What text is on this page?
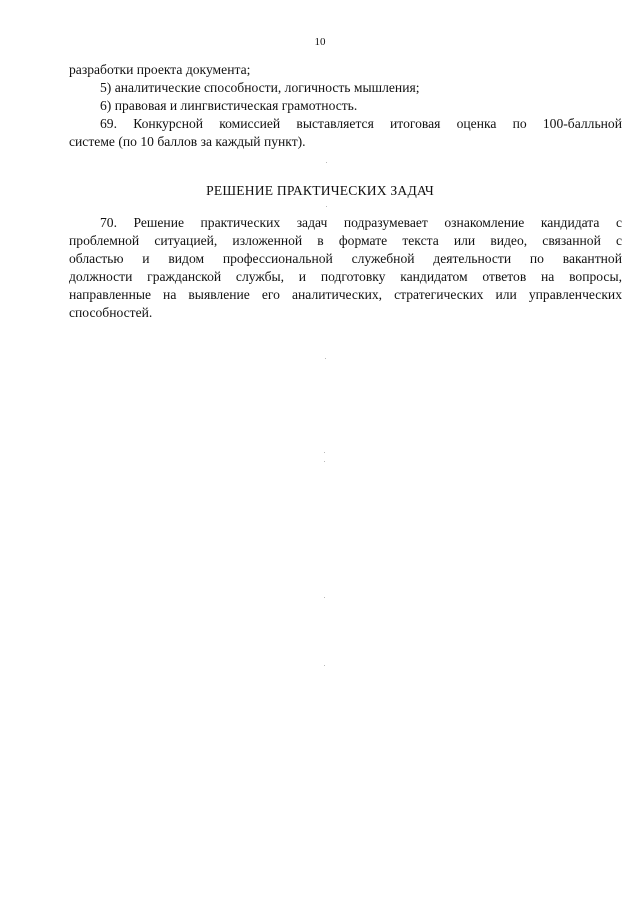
10
разработки проекта документа;
5) аналитические способности, логичность мышления;
6) правовая и лингвистическая грамотность.
69. Конкурсной комиссией выставляется итоговая оценка по 100-балльной
системе (по 10 баллов за каждый пункт).
РЕШЕНИЕ ПРАКТИЧЕСКИХ ЗАДАЧ
70. Решение практических задач подразумевает ознакомление кандидата с
проблемной ситуацией, изложенной в формате текста или видео, связанной с
областью и видом профессиональной служебной деятельности по вакантной
должности гражданской службы, и подготовку кандидатом ответов на вопросы,
направленные на выявление его аналитических, стратегических или управленческих
способностей.
